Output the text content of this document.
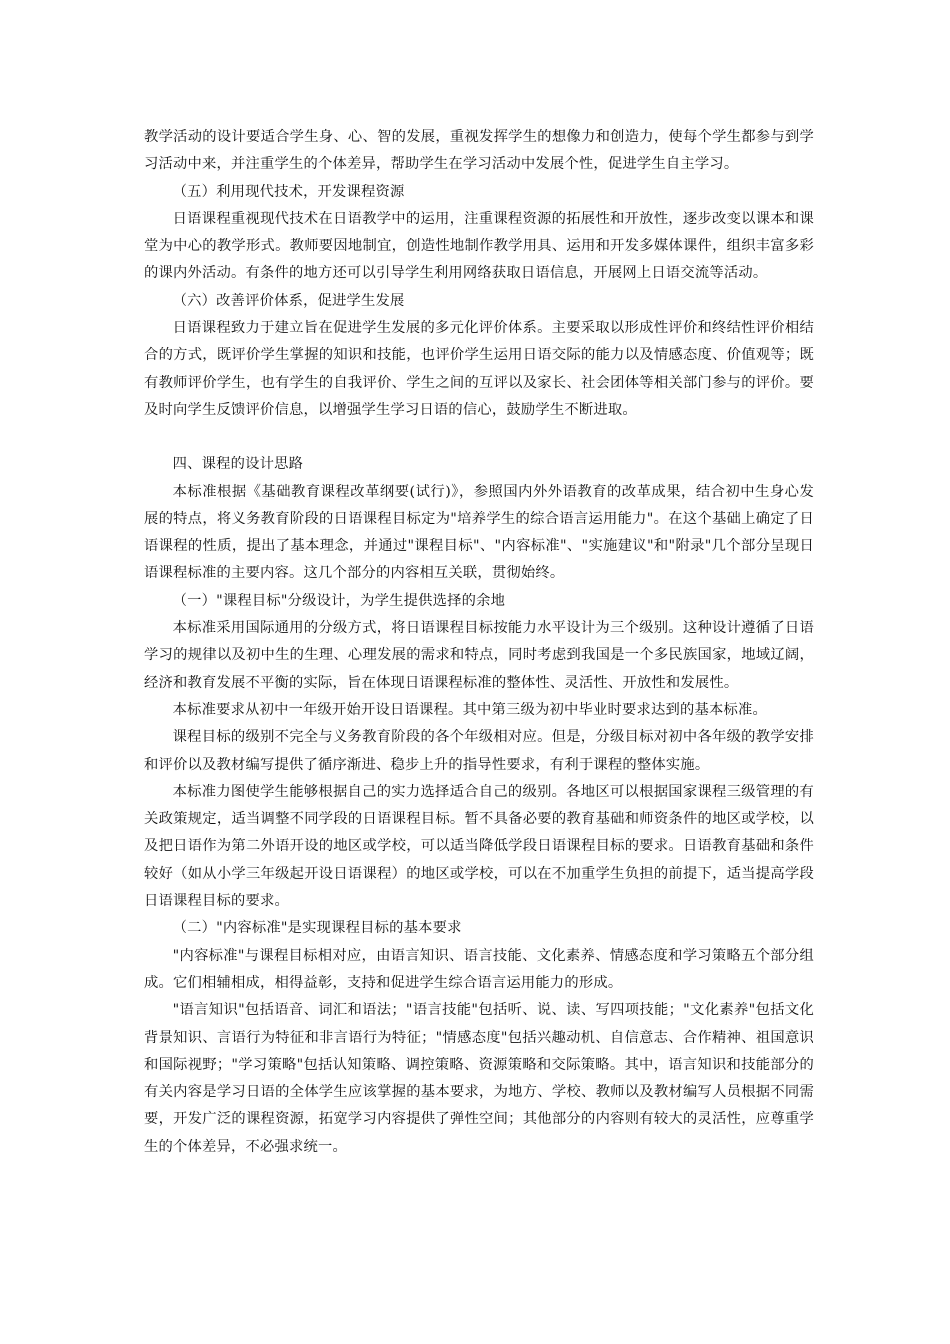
教学活动的设计要适合学生身、心、智的发展，重视发挥学生的想像力和创造力，使每个学生都参与到学习活动中来，并注重学生的个体差异，帮助学生在学习活动中发展个性，促进学生自主学习。

（五）利用现代技术，开发课程资源

日语课程重视现代技术在日语教学中的运用，注重课程资源的拓展性和开放性，逐步改变以课本和课堂为中心的教学形式。教师要因地制宜，创造性地制作教学用具、运用和开发多媒体课件，组织丰富多彩的课内外活动。有条件的地方还可以引导学生利用网络获取日语信息，开展网上日语交流等活动。

（六）改善评价体系，促进学生发展

日语课程致力于建立旨在促进学生发展的多元化评价体系。主要采取以形成性评价和终结性评价相结合的方式，既评价学生掌握的知识和技能，也评价学生运用日语交际的能力以及情感态度、价值观等；既有教师评价学生，也有学生的自我评价、学生之间的互评以及家长、社会团体等相关部门参与的评价。要及时向学生反馈评价信息，以增强学生学习日语的信心，鼓励学生不断进取。

四、课程的设计思路

本标准根据《基础教育课程改革纲要(试行)》，参照国内外外语教育的改革成果，结合初中生身心发展的特点，将义务教育阶段的日语课程目标定为"培养学生的综合语言运用能力"。在这个基础上确定了日语课程的性质，提出了基本理念，并通过"课程目标"、"内容标准"、"实施建议"和"附录"几个部分呈现日语课程标准的主要内容。这几个部分的内容相互关联，贯彻始终。

（一）"课程目标"分级设计，为学生提供选择的余地

本标准采用国际通用的分级方式，将日语课程目标按能力水平设计为三个级别。这种设计遵循了日语学习的规律以及初中生的生理、心理发展的需求和特点，同时考虑到我国是一个多民族国家，地域辽阔，经济和教育发展不平衡的实际，旨在体现日语课程标准的整体性、灵活性、开放性和发展性。

本标准要求从初中一年级开始开设日语课程。其中第三级为初中毕业时要求达到的基本标准。

课程目标的级别不完全与义务教育阶段的各个年级相对应。但是，分级目标对初中各年级的教学安排和评价以及教材编写提供了循序渐进、稳步上升的指导性要求，有利于课程的整体实施。

本标准力图使学生能够根据自己的实力选择适合自己的级别。各地区可以根据国家课程三级管理的有关政策规定，适当调整不同学段的日语课程目标。暂不具备必要的教育基础和师资条件的地区或学校，以及把日语作为第二外语开设的地区或学校，可以适当降低学段日语课程目标的要求。日语教育基础和条件较好（如从小学三年级起开设日语课程）的地区或学校，可以在不加重学生负担的前提下，适当提高学段日语课程目标的要求。

（二）"内容标准"是实现课程目标的基本要求

"内容标准"与课程目标相对应，由语言知识、语言技能、文化素养、情感态度和学习策略五个部分组成。它们相辅相成，相得益彰，支持和促进学生综合语言运用能力的形成。

"语言知识"包括语音、词汇和语法；"语言技能"包括听、说、读、写四项技能；"文化素养"包括文化背景知识、言语行为特征和非言语行为特征；"情感态度"包括兴趣动机、自信意志、合作精神、祖国意识和国际视野；"学习策略"包括认知策略、调控策略、资源策略和交际策略。其中，语言知识和技能部分的有关内容是学习日语的全体学生应该掌握的基本要求，为地方、学校、教师以及教材编写人员根据不同需要，开发广泛的课程资源，拓宽学习内容提供了弹性空间；其他部分的内容则有较大的灵活性，应尊重学生的个体差异，不必强求统一。
